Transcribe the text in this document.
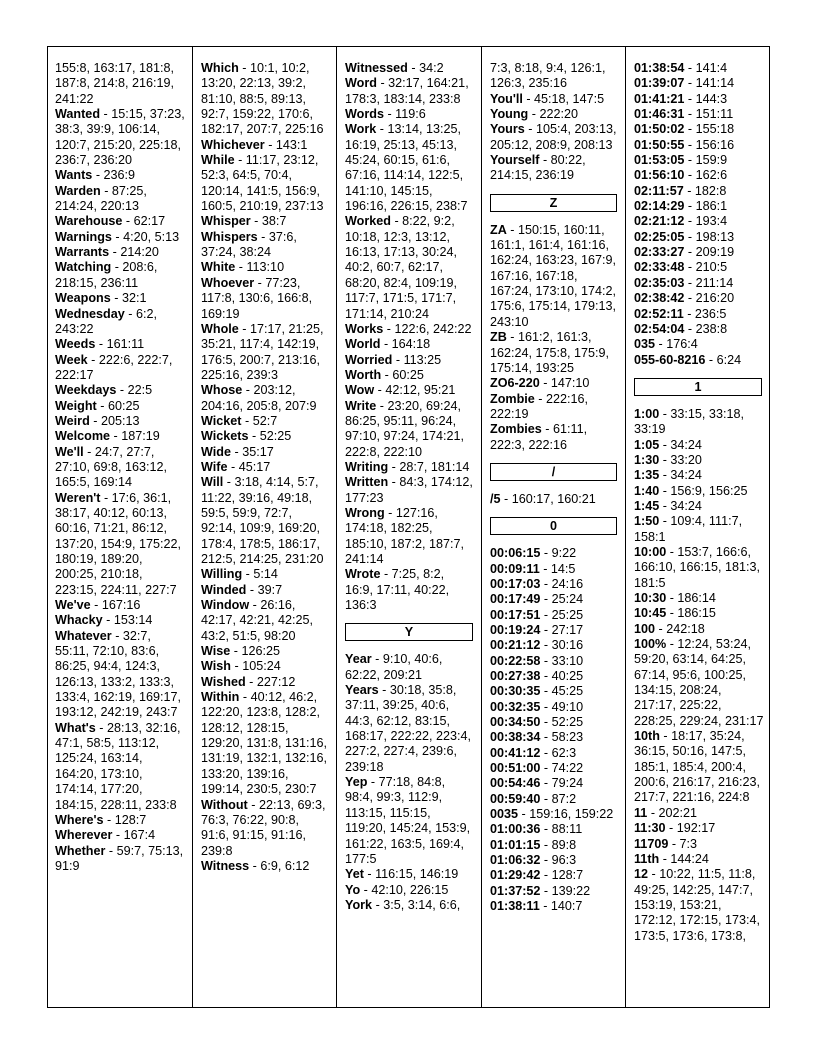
155:8, 163:17, 181:8, 187:8, 214:8, 216:19, 241:22
Wanted - 15:15, 37:23, 38:3, 39:9, 106:14, 120:7, 215:20, 225:18, 236:7, 236:20
Wants - 236:9
Warden - 87:25, 214:24, 220:13
Warehouse - 62:17
Warnings - 4:20, 5:13
Warrants - 214:20
Watching - 208:6, 218:15, 236:11
Weapons - 32:1
Wednesday - 6:2, 243:22
Weeds - 161:11
Week - 222:6, 222:7, 222:17
Weekdays - 22:5
Weight - 60:25
Weird - 205:13
Welcome - 187:19
We'll - 24:7, 27:7, 27:10, 69:8, 163:12, 165:5, 169:14
Weren't - 17:6, 36:1, 38:17, 40:12, 60:13, 60:16, 71:21, 86:12, 137:20, 154:9, 175:22, 180:19, 189:20, 200:25, 210:18, 223:15, 224:11, 227:7
We've - 167:16
Whacky - 153:14
Whatever - 32:7, 55:11, 72:10, 83:6, 86:25, 94:4, 124:3, 126:13, 133:2, 133:3, 133:4, 162:19, 169:17, 193:12, 242:19, 243:7
What's - 28:13, 32:16, 47:1, 58:5, 113:12, 125:24, 163:14, 164:20, 173:10, 174:14, 177:20, 184:15, 228:11, 233:8
Where's - 128:7
Wherever - 167:4
Whether - 59:7, 75:13, 91:9
Which - 10:1, 10:2, 13:20, 22:13, 39:2, 81:10, 88:5, 89:13, 92:7, 159:22, 170:6, 182:17, 207:7, 225:16
Whichever - 143:1
While - 11:17, 23:12, 52:3, 64:5, 70:4, 120:14, 141:5, 156:9, 160:5, 210:19, 237:13
Whisper - 38:7
Whispers - 37:6, 37:24, 38:24
White - 113:10
Whoever - 77:23, 117:8, 130:6, 166:8, 169:19
Whole - 17:17, 21:25, 35:21, 117:4, 142:19, 176:5, 200:7, 213:16, 225:16, 239:3
Whose - 203:12, 204:16, 205:8, 207:9
Wicket - 52:7
Wickets - 52:25
Wide - 35:17
Wife - 45:17
Will - 3:18, 4:14, 5:7, 11:22, 39:16, 49:18, 59:5, 59:9, 72:7, 92:14, 109:9, 169:20, 178:4, 178:5, 186:17, 212:5, 214:25, 231:20
Willing - 5:14
Winded - 39:7
Window - 26:16, 42:17, 42:21, 42:25, 43:2, 51:5, 98:20
Wise - 126:25
Wish - 105:24
Wished - 227:12
Within - 40:12, 46:2, 122:20, 123:8, 128:2, 128:12, 128:15, 129:20, 131:8, 131:16, 131:19, 132:1, 132:16, 133:20, 139:16, 199:14, 230:5, 230:7
Without - 22:13, 69:3, 76:3, 76:22, 90:8, 91:6, 91:15, 91:16, 239:8
Witness - 6:9, 6:12
Witnessed - 34:2
Word - 32:17, 164:21, 178:3, 183:14, 233:8
Words - 119:6
Work - 13:14, 13:25, 16:19, 25:13, 45:13, 45:24, 60:15, 61:6, 67:16, 114:14, 122:5, 141:10, 145:15, 196:16, 226:15, 238:7
Worked - 8:22, 9:2, 10:18, 12:3, 13:12, 16:13, 17:13, 30:24, 40:2, 60:7, 62:17, 68:20, 82:4, 109:19, 117:7, 171:5, 171:7, 171:14, 210:24
Works - 122:6, 242:22
World - 164:18
Worried - 113:25
Worth - 60:25
Wow - 42:12, 95:21
Write - 23:20, 69:24, 86:25, 95:11, 96:24, 97:10, 97:24, 174:21, 222:8, 222:10
Writing - 28:7, 181:14
Written - 84:3, 174:12, 177:23
Wrong - 127:16, 174:18, 182:25, 185:10, 187:2, 187:7, 241:14
Wrote - 7:25, 8:2, 16:9, 17:11, 40:22, 136:3
Y
Year - 9:10, 40:6, 62:22, 209:21
Years - 30:18, 35:8, 37:11, 39:25, 40:6, 44:3, 62:12, 83:15, 168:17, 222:22, 223:4, 227:2, 227:4, 239:6, 239:18
Yep - 77:18, 84:8, 98:4, 99:3, 112:9, 113:15, 115:15, 119:20, 145:24, 153:9, 161:22, 163:5, 169:4, 177:5
Yet - 116:15, 146:19
Yo - 42:10, 226:15
York - 3:5, 3:14, 6:6,
7:3, 8:18, 9:4, 126:1, 126:3, 235:16
You'll - 45:18, 147:5
Young - 222:20
Yours - 105:4, 203:13, 205:12, 208:9, 208:13
Yourself - 80:22, 214:15, 236:19
Z
ZA - 150:15, 160:11, 161:1, 161:4, 161:16, 162:24, 163:23, 167:9, 167:16, 167:18, 167:24, 173:10, 174:2, 175:6, 175:14, 179:13, 243:10
ZB - 161:2, 161:3, 162:24, 175:8, 175:9, 175:14, 193:25
ZO6-220 - 147:10
Zombie - 222:16, 222:19
Zombies - 61:11, 222:3, 222:16
/
/5 - 160:17, 160:21
0
00:06:15 - 9:22
00:09:11 - 14:5
00:17:03 - 24:16
00:17:49 - 25:24
00:17:51 - 25:25
00:19:24 - 27:17
00:21:12 - 30:16
00:22:58 - 33:10
00:27:38 - 40:25
00:30:35 - 45:25
00:32:35 - 49:10
00:34:50 - 52:25
00:38:34 - 58:23
00:41:12 - 62:3
00:51:00 - 74:22
00:54:46 - 79:24
00:59:40 - 87:2
0035 - 159:16, 159:22
01:00:36 - 88:11
01:01:15 - 89:8
01:06:32 - 96:3
01:29:42 - 128:7
01:37:52 - 139:22
01:38:11 - 140:7
01:38:54 - 141:4
01:39:07 - 141:14
01:41:21 - 144:3
01:46:31 - 151:11
01:50:02 - 155:18
01:50:55 - 156:16
01:53:05 - 159:9
01:56:10 - 162:6
02:11:57 - 182:8
02:14:29 - 186:1
02:21:12 - 193:4
02:25:05 - 198:13
02:33:27 - 209:19
02:33:48 - 210:5
02:35:03 - 211:14
02:38:42 - 216:20
02:52:11 - 236:5
02:54:04 - 238:8
035 - 176:4
055-60-8216 - 6:24
1
1:00 - 33:15, 33:18, 33:19
1:05 - 34:24
1:30 - 33:20
1:35 - 34:24
1:40 - 156:9, 156:25
1:45 - 34:24
1:50 - 109:4, 111:7, 158:1
10:00 - 153:7, 166:6, 166:10, 166:15, 181:3, 181:5
10:30 - 186:14
10:45 - 186:15
100 - 242:18
100% - 12:24, 53:24, 59:20, 63:14, 64:25, 67:14, 95:6, 100:25, 134:15, 208:24, 217:17, 225:22, 228:25, 229:24, 231:17
10th - 18:17, 35:24, 36:15, 50:16, 147:5, 185:1, 185:4, 200:4, 200:6, 216:17, 216:23, 217:7, 221:16, 224:8
11 - 202:21
11:30 - 192:17
11709 - 7:3
11th - 144:24
12 - 10:22, 11:5, 11:8, 49:25, 142:25, 147:7, 153:19, 153:21, 172:12, 172:15, 173:4, 173:5, 173:6, 173:8,
